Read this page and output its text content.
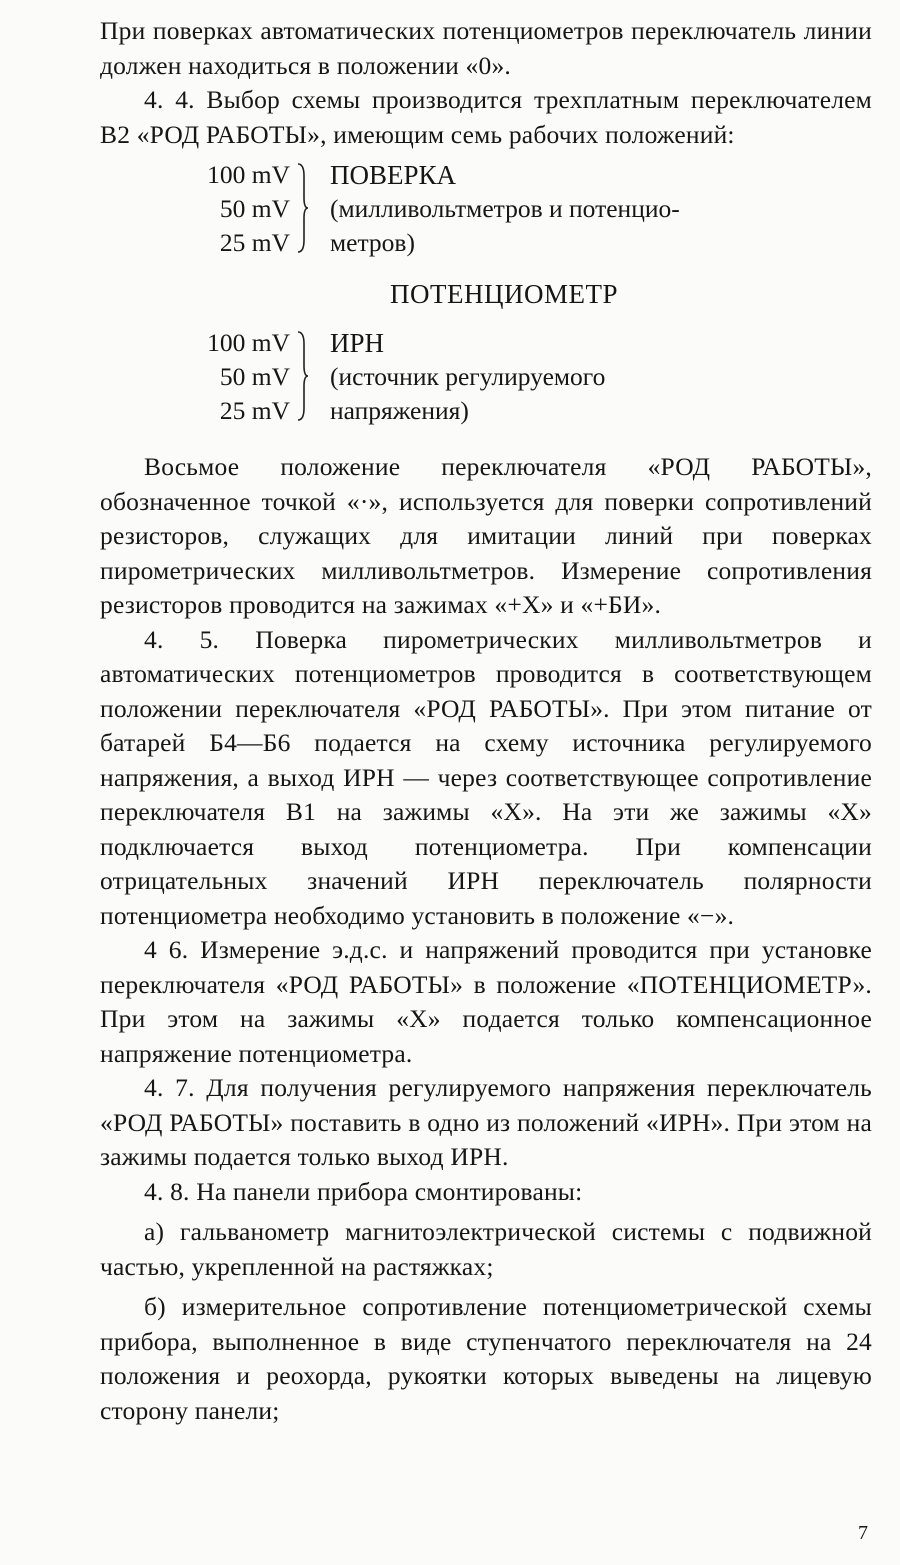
При поверках автоматических потенциометров переключатель линии должен находиться в положении «0».

4. 4. Выбор схемы производится трехплатным переключателем В2 «РОД РАБОТЫ», имеющим семь рабочих положений:

100 mV
50 mV
25 mV
ПОВЕРКА
(милливольтметров и потенцио-
метров)
ПОТЕНЦИОМЕТР
100 mV
50 mV
25 mV
ИРН
(источник регулируемого
напряжения)

Восьмое положение переключателя «РОД РАБОТЫ», обозначенное точкой «·», используется для поверки сопротивлений резисторов, служащих для имитации линий при поверках пирометрических милливольтметров. Измерение сопротивления резисторов проводится на зажимах «+Х» и «+БИ».

4. 5. Поверка пирометрических милливольтметров и автоматических потенциометров проводится в соответствующем положении переключателя «РОД РАБОТЫ». При этом питание от батарей Б4—Б6 подается на схему источника регулируемого напряжения, а выход ИРН — через соответствующее сопротивление переключателя В1 на зажимы «Х». На эти же зажимы «Х» подключается выход потенциометра. При компенсации отрицательных значений ИРН переключатель полярности потенциометра необходимо установить в положение «−».

4 6. Измерение э.д.с. и напряжений проводится при установке переключателя «РОД РАБОТЫ» в положение «ПОТЕНЦИОМЕТР». При этом на зажимы «Х» подается только компенсационное напряжение потенциометра.

4. 7. Для получения регулируемого напряжения переключатель «РОД РАБОТЫ» поставить в одно из положений «ИРН». При этом на зажимы подается только выход ИРН.

4. 8. На панели прибора смонтированы:

а) гальванометр магнитоэлектрической системы с подвижной частью, укрепленной на растяжках;

б) измерительное сопротивление потенциометрической схемы прибора, выполненное в виде ступенчатого переключателя на 24 положения и реохорда, рукоятки которых выведены на лицевую сторону панели;

7
